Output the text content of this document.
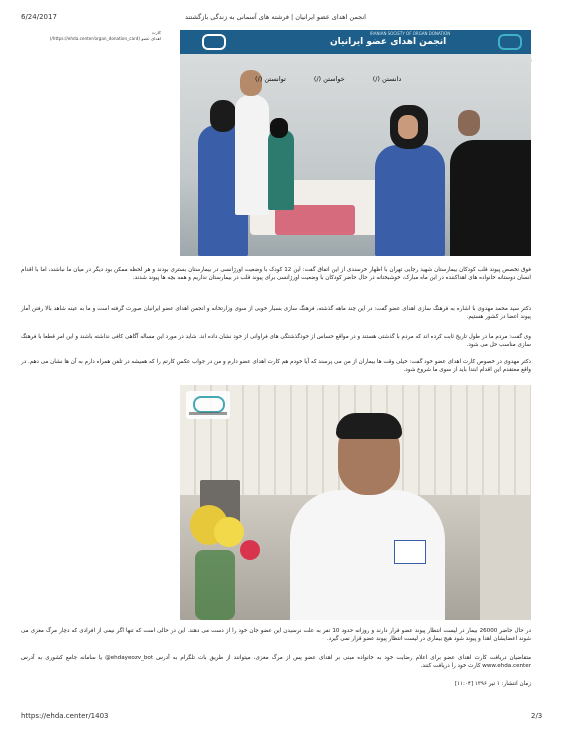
6/24/2017	انجمن اهدای عضو ایرانیان | فرشته های آسمانی به زندگی بازگشتند
کارت
اهدای عضو (https://ehda.center/organ_donation_card/)	انجمن اهدای عضو ایرانیان
IRANIAN SOCIETY OF ORGAN DONATION
دانستن (/)
خواستن (/)
توانستن (/)
فوق تخصص پیوند قلب کودکان بیمارستان شهید رجایی تهران با اظهار خرسندی از این اتفاق گفت: این 12 کودک با وضعیت اورژانسی در بیمارستان بستری بودند و هر لحظه ممکن بود دیگر در میان ما نباشند، اما با اقدام انسان دوستانه خانواده های اهداکننده در این ماه مبارک، خوشبختانه در حال حاضر کودکان با وضعیت اورژانسی برای پیوند قلب در بیمارستان نداریم و همه بچه ها پیوند شدند.
دکتر سید محمد مهدوی با اشاره به فرهنگ سازی اهدای عضو گفت: در این چند ماهه گذشته، فرهنگ سازی بسیار خوبی از سوی وزارتخانه و انجمن اهدای عضو ایرانیان صورت گرفته است و ما به عینه شاهد بالا رفتن آمار پیوند اعضا در کشور هستیم.
وی گفت: مردم ما در طول تاریخ ثابت کرده اند که مردم با گذشتی هستند و در مواقع حساس از خودگذشتگی های فراوانی از خود نشان داده اند. شاید در مورد این مساله آگاهی کافی نداشته باشند و این امر قطعا با فرهنگ سازی مناسب حل می شود.
دکتر مهدوی در خصوص کارت اهدای عضو خود گفت: خیلی وقت ها بیماران از من می پرسند که آیا خودم هم کارت اهدای عضو دارم و من در جواب عکس کارتم را که همیشه در تلفن همراه دارم به آن ها نشان می دهم. در واقع معتقدم این اقدام ابتدا باید از سوی ما شروع شود.
در حال حاضر 26000 بیمار در لیست انتظار پیوند عضو قرار دارند و روزانه حدود 10 نفر به علت نرسیدن این عضو جان خود را از دست می دهند. این در حالی است که تنها اگر نیمی از افرادی که دچار مرگ مغزی می شوند اعضایشان اهدا و پیوند شود هیچ بیماری در لیست انتظار پیوند عضو قرار نمی گیرد.
متقاضیان دریافت کارت اهدای عضو برای اعلام رضایت خود به خانواده مبنی بر اهدای عضو پس از مرگ مغزی، میتوانند از طریق بات تلگرام به آدرس ehdayeozv_bot@ یا سامانه جامع کشوری به آدرس www.ehda.center کارت خود را دریافت کنند.
زمان انتشار: ۱ تیر ۱۳۹۶ [۱۱:۰۴]
https://ehda.center/1403	2/3
